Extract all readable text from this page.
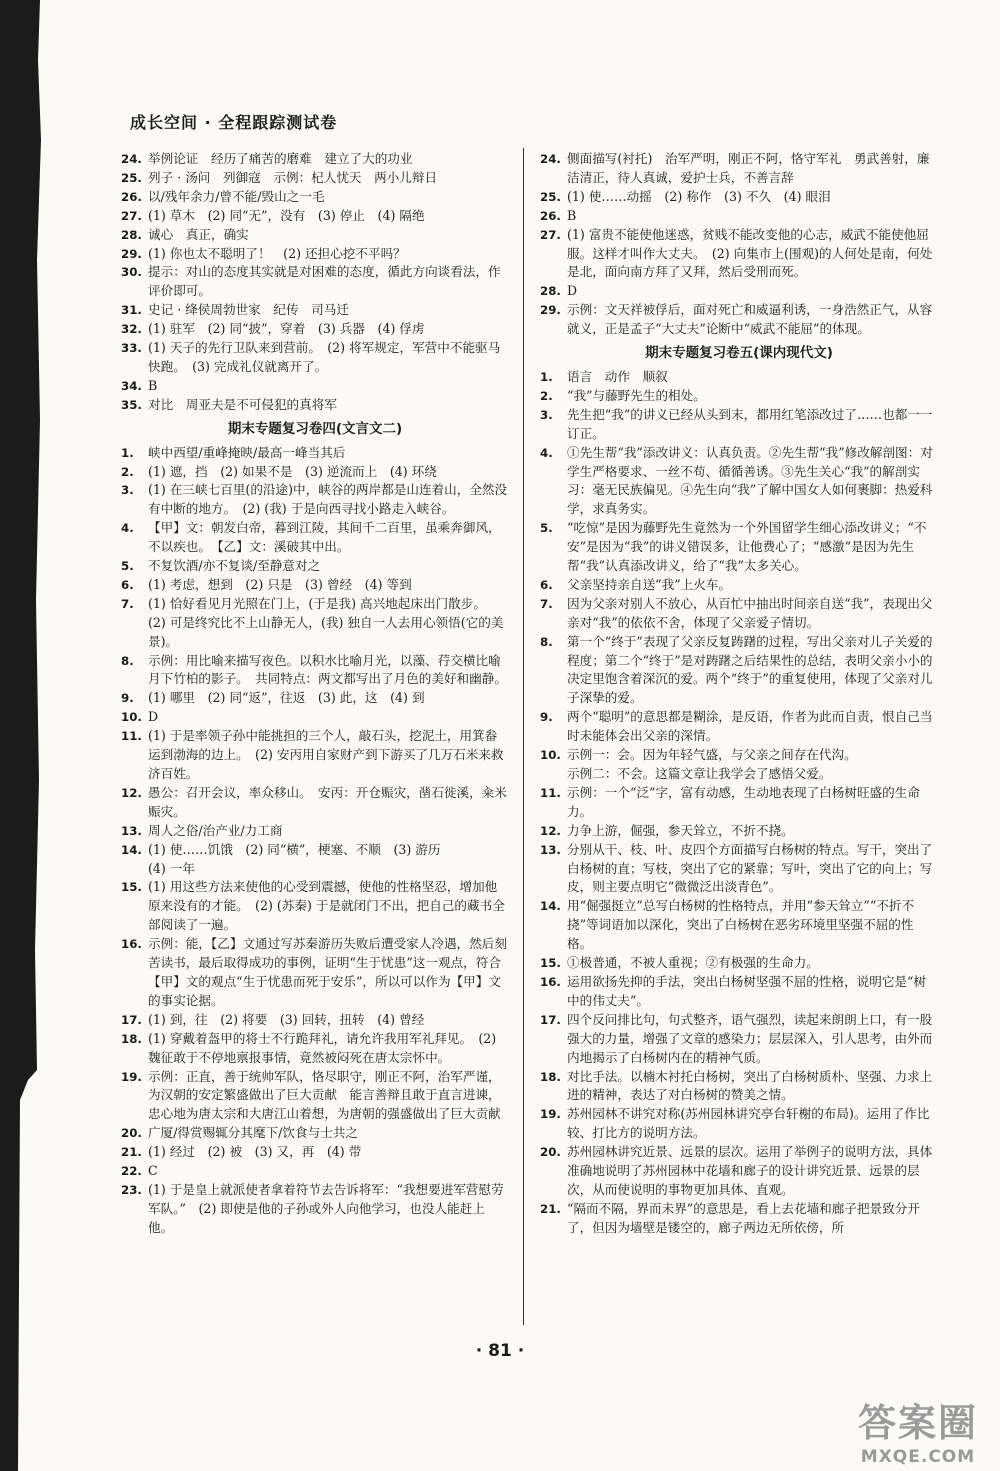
成长空间 · 全程跟踪测试卷
24. 举例论证　经历了痛苦的磨难　建立了大的功业
25. 列子 · 汤问　列御寇　示例：杞人忧天　两小儿辩日
26. 以/残年余力/曾不能/毁山之一毛
27. (1) 草木　(2) 同“无”，没有　(3) 停止　(4) 隔绝
28. 诚心　真正，确实
29. (1) 你也太不聪明了！　(2) 还担心挖不平吗？
30. 提示：对山的态度其实就是对困难的态度，循此方向谈看法，作评价即可。
31. 史记 · 绛侯周勃世家　纪传　司马迁
32. (1) 驻军　(2) 同“披”，穿着　(3) 兵器　(4) 俘虏
33. (1) 天子的先行卫队来到营前。　(2) 将军规定，军营中不能驱马快跑。　(3) 完成礼仪就离开了。
34. B
35. 对比　周亚夫是不可侵犯的真将军
期末专题复习卷四(文言文二)
1.	峡中西望/重峰掩映/最高一峰当其后
2.	(1) 遮，挡　(2) 如果不是　(3) 逆流而上　(4) 环绕
3.	(1) 在三峡七百里(的沿途)中，峡谷的两岸都是山连着山，全然没有中断的地方。　(2) (我) 于是向西寻找小路走入峡谷。
4.	【甲】文：朝发白帝，暮到江陵，其间千二百里，虽乘奔御风，不以疾也。　【乙】文：溪破其中出。
5.	不复饮酒/亦不复谈/至静意对之
6.	(1) 考虑，想到　(2) 只是　(3) 曾经　(4) 等到
7.	(1) 恰好看见月光照在门上，(于是我) 高兴地起床出门散步。　(2) 可是终究比不上山静无人，(我) 独自一人去用心领悟(它的美景)。
8.	示例：用比喻来描写夜色。以积水比喻月光，以藻、荇交横比喻月下竹柏的影子。　共同特点：两文都写出了月色的美好和幽静。
9.	(1) 哪里　(2) 同“返”，往返　(3) 此，这　(4) 到
10. D
11. (1) 于是率领子孙中能挑担的三个人，敲石头，挖泥土，用箕畚运到渤海的边上。　(2) 安丙用自家财产到下游买了几万石米来救济百姓。
12. 愚公：召开会议，率众移山。　安丙：开仓赈灾，凿石徙溪，籴米赈灾。
13. 周人之俗/治产业/力工商
14. (1) 使……饥饿　(2) 同“横”，梗塞、不顺　(3) 游历
(4) 一年
15. (1) 用这些方法来使他的心受到震撼，使他的性格坚忍，增加他原来没有的才能。　(2) (苏秦) 于是就闭门不出，把自己的藏书全部阅读了一遍。
16. 示例：能，【乙】文通过写苏秦游历失败后遭受家人冷遇，然后刻苦读书，最后取得成功的事例，证明“生于忧患”这一观点，符合【甲】文的观点“生于忧患而死于安乐”，所以可以作为【甲】文的事实论据。
17. (1) 到，往　(2) 将要　(3) 回转，扭转　(4) 曾经
18. (1) 穿戴着盔甲的将士不行跪拜礼，请允许我用军礼拜见。　(2) 魏征敢于不停地禀报事情，竟然被闷死在唐太宗怀中。
19. 示例：正直，善于统帅军队，恪尽职守，刚正不阿，治军严谨，为汉朝的安定繁盛做出了巨大贡献　能言善辩且敢于直言进谏，忠心地为唐太宗和大唐江山着想，为唐朝的强盛做出了巨大贡献
20. 广厦/得赏赐辄分其麾下/饮食与士共之
21. (1) 经过　(2) 被　(3) 又，再　(4) 带
22. C
23. (1) 于是皇上就派使者拿着符节去告诉将军：“我想要进军营慰劳军队。”　(2) 即使是他的子孙或外人向他学习，也没人能赶上他。
24. 侧面描写(衬托)　治军严明，刚正不阿，恪守军礼　勇武善射，廉洁清正，待人真诚，爱护士兵，不善言辞
25. (1) 使……动摇　(2) 称作　(3) 不久　(4) 眼泪
26. B
27. (1) 富贵不能使他迷惑，贫贱不能改变他的心志，威武不能使他屈服。这样才叫作大丈夫。　(2) 向集市上(围观)的人何处是南，何处是北，面向南方拜了又拜，然后受刑而死。
28. D
29. 示例：文天祥被俘后，面对死亡和威逼利诱，一身浩然正气，从容就义，正是孟子“大丈夫”论断中“威武不能屈”的体现。
期末专题复习卷五(课内现代文)
1.	语言　动作　顺叙
2.	“我”与藤野先生的相处。
3.	先生把“我”的讲义已经从头到末，都用红笔添改过了……也都一一订正。
4.	①先生帮“我”添改讲义：认真负责。②先生帮“我”修改解剖图：对学生严格要求、一丝不苟、循循善诱。③先生关心“我”的解剖实习：毫无民族偏见。④先生向“我”了解中国女人如何裹脚：热爱科学，求真务实。
5.	“吃惊”是因为藤野先生竟然为一个外国留学生细心添改讲义；“不安”是因为“我”的讲义错误多，让他费心了；“感激”是因为先生帮“我”认真添改讲义，给了“我”太多关心。
6.	父亲坚持亲自送“我”上火车。
7.	因为父亲对别人不放心，从百忙中抽出时间亲自送“我”，表现出父亲对“我”的依依不舍，体现了父亲爱子情切。
8.	第一个“终于”表现了父亲反复踌躇的过程，写出父亲对儿子关爱的程度；第二个“终于”是对踌躇之后结果性的总结，表明父亲小小的决定里饱含着深沉的爱。两个“终于”的重复使用，体现了父亲对儿子深挚的爱。
9.	两个“聪明”的意思都是糊涂，是反语，作者为此而自责，恨自己当时未能体会出父亲的深情。
10. 示例一：会。因为年轻气盛，与父亲之间存在代沟。
示例二：不会。这篇文章让我学会了感悟父爱。
11. 示例：一个“泛”字，富有动感，生动地表现了白杨树旺盛的生命力。
12. 力争上游，倔强，参天耸立，不折不挠。
13. 分别从干、枝、叶、皮四个方面描写白杨树的特点。写干，突出了白杨树的直；写枝，突出了它的紧靠；写叶，突出了它的向上；写皮，则主要点明它“微微泛出淡青色”。
14. 用“倔强挺立”总写白杨树的性格特点，并用“参天耸立”“不折不挠”等词语加以深化，突出了白杨树在恶劣环境里坚强不屈的性格。
15. ①极普通，不被人重视；②有极强的生命力。
16. 运用欲扬先抑的手法，突出白杨树坚强不屈的性格，说明它是“树中的伟丈夫”。
17. 四个反问排比句，句式整齐，语气强烈，读起来朗朗上口，有一股强大的力量，增强了文章的感染力；层层深入，引人思考，由外而内地揭示了白杨树内在的精神气质。
18. 对比手法。以楠木衬托白杨树，突出了白杨树质朴、坚强、力求上进的精神，表达了对白杨树的赞美之情。
19. 苏州园林不讲究对称(苏州园林讲究亭台轩榭的布局)。运用了作比较、打比方的说明方法。
20. 苏州园林讲究近景、远景的层次。运用了举例子的说明方法，具体准确地说明了苏州园林中花墙和廊子的设计讲究近景、远景的层次，从而使说明的事物更加具体、直观。
21. “隔而不隔，界而未界”的意思是，看上去花墙和廊子把景致分开了，但因为墙壁是镂空的，廊子两边无所依傍，所
· 81 ·
答案圈
MXQE.COM
